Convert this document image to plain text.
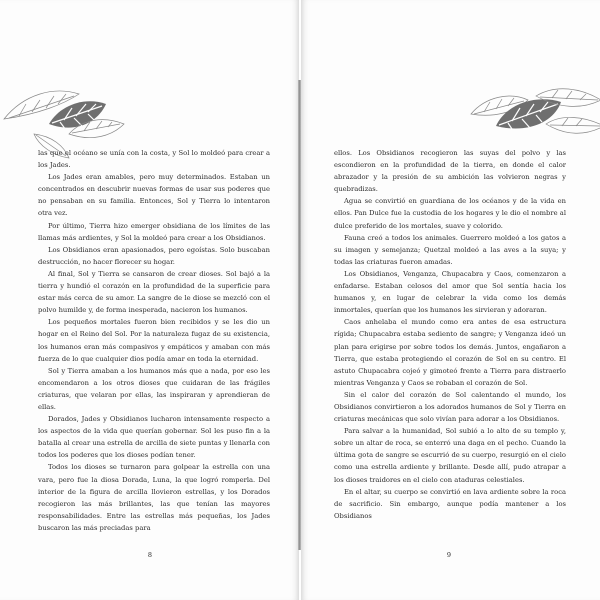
las que el océano se unía con la costa, y Sol lo moldeó para crear a los Jades.

Los Jades eran amables, pero muy determinados. Estaban un concentrados en descubrir nuevas formas de usar sus poderes que no pensaban en su familia. Entonces, Sol y Tierra lo intentaron otra vez.

Por último, Tierra hizo emerger obsidiana de los límites de las llamas más ardientes, y Sol la moldeó para crear a los Obsidianos.

Los Obsidianos eran apasionados, pero egoístas. Solo buscaban destrucción, no hacer florecer su hogar.

Al final, Sol y Tierra se cansaron de crear dioses. Sol bajó a la tierra y hundió el corazón en la profundidad de la superficie para estar más cerca de su amor. La sangre de le diose se mezcló con el polvo humilde y, de forma inesperada, nacieron los humanos.

Los pequeños mortales fueron bien recibidos y se les dio un hogar en el Reino del Sol. Por la naturaleza fugaz de su existencia, los humanos eran más compasivos y empáticos y amaban con más fuerza de lo que cualquier dios podía amar en toda la eternidad.

Sol y Tierra amaban a los humanos más que a nada, por eso les encomendaron a los otros dioses que cuidaran de las frágiles criaturas, que velaran por ellas, las inspiraran y aprendieran de ellas.

Dorados, Jades y Obsidianos lucharon intensamente respecto a los aspectos de la vida que querían gobernar. Sol les puso fin a la batalla al crear una estrella de arcilla de siete puntas y llenarla con todos los poderes que los dioses podían tener.

Todos los dioses se turnaron para golpear la estrella con una vara, pero fue la diosa Dorada, Luna, la que logró romperla. Del interior de la figura de arcilla llovieron estrellas, y los Dorados recogieron las más brillantes, las que tenían las mayores responsabilidades. Entre las estrellas más pequeñas, los Jades buscaron las más preciadas para

8

ellos. Los Obsidianos recogieron las suyas del polvo y las escondieron en la profundidad de la tierra, en donde el calor abrazador y la presión de su ambición las volvieron negras y quebradizas.

Agua se convirtió en guardiana de los océanos y de la vida en ellos. Pan Dulce fue la custodia de los hogares y le dio el nombre al dulce preferido de los mortales, suave y colorido.

Fauna creó a todos los animales. Guerrero moldeó a los gatos a su imagen y semejanza; Quetzal moldeó a las aves a la suya; y todas las criaturas fueron amadas.

Los Obsidianos, Venganza, Chupacabra y Caos, comenzaron a enfadarse. Estaban celosos del amor que Sol sentía hacia los humanos y, en lugar de celebrar la vida como los demás inmortales, querían que los humanos les sirvieran y adoraran.

Caos anhelaba el mundo como era antes de esa estructura rígida; Chupacabra estaba sediento de sangre; y Venganza ideó un plan para erigirse por sobre todos los demás. Juntos, engañaron a Tierra, que estaba protegiendo el corazón de Sol en su centro. El astuto Chupacabra cojeó y gimoteó frente a Tierra para distraerlo mientras Venganza y Caos se robaban el corazón de Sol.

Sin el calor del corazón de Sol calentando el mundo, los Obsidianos convirtieron a los adorados humanos de Sol y Tierra en criaturas mecánicas que solo vivían para adorar a los Obsidianos.

Para salvar a la humanidad, Sol subió a lo alto de su templo y, sobre un altar de roca, se enterró una daga en el pecho. Cuando la última gota de sangre se escurrió de su cuerpo, resurgió en el cielo como una estrella ardiente y brillante. Desde allí, pudo atrapar a los dioses traidores en el cielo con ataduras celestiales.

En el altar, su cuerpo se convirtió en lava ardiente sobre la roca de sacrificio. Sin embargo, aunque podía mantener a los Obsidianos

9
